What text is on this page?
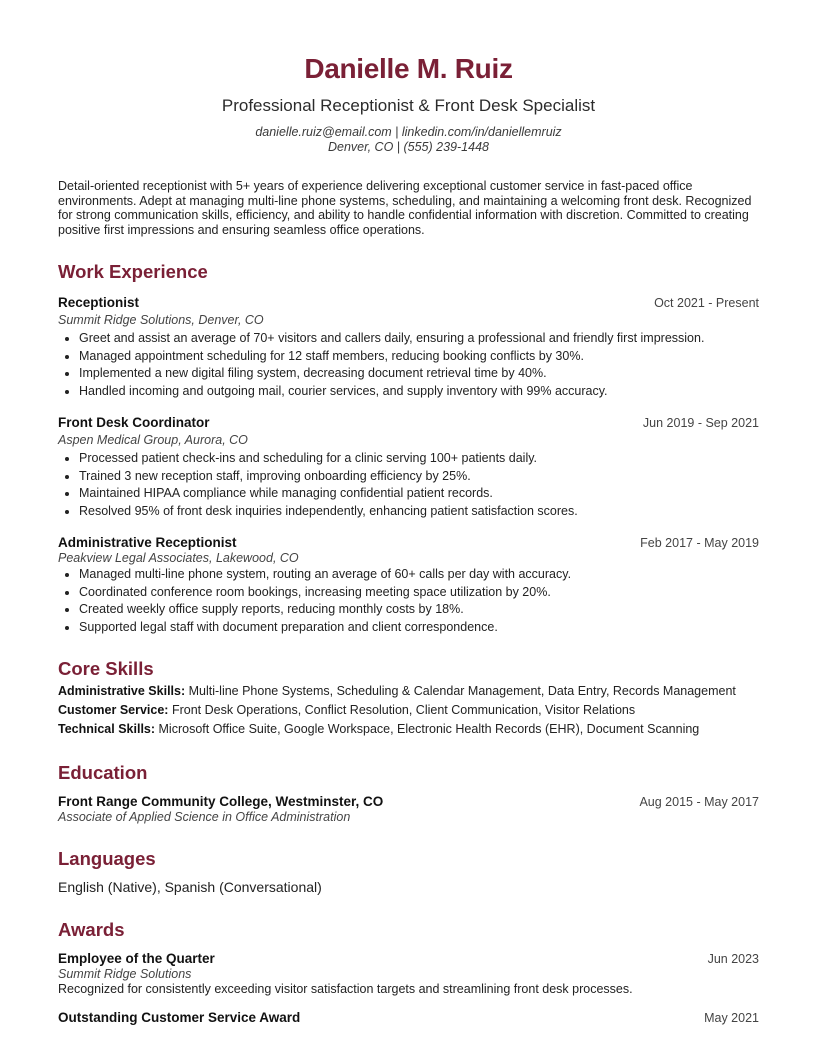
Danielle M. Ruiz
Professional Receptionist & Front Desk Specialist
danielle.ruiz@email.com | linkedin.com/in/daniellemruiz
Denver, CO | (555) 239-1448
Detail-oriented receptionist with 5+ years of experience delivering exceptional customer service in fast-paced office environments. Adept at managing multi-line phone systems, scheduling, and maintaining a welcoming front desk. Recognized for strong communication skills, efficiency, and ability to handle confidential information with discretion. Committed to creating positive first impressions and ensuring seamless office operations.
Work Experience
Receptionist	Oct 2021 - Present
Summit Ridge Solutions, Denver, CO
• Greet and assist an average of 70+ visitors and callers daily, ensuring a professional and friendly first impression.
• Managed appointment scheduling for 12 staff members, reducing booking conflicts by 30%.
• Implemented a new digital filing system, decreasing document retrieval time by 40%.
• Handled incoming and outgoing mail, courier services, and supply inventory with 99% accuracy.
Front Desk Coordinator	Jun 2019 - Sep 2021
Aspen Medical Group, Aurora, CO
• Processed patient check-ins and scheduling for a clinic serving 100+ patients daily.
• Trained 3 new reception staff, improving onboarding efficiency by 25%.
• Maintained HIPAA compliance while managing confidential patient records.
• Resolved 95% of front desk inquiries independently, enhancing patient satisfaction scores.
Administrative Receptionist	Feb 2017 - May 2019
Peakview Legal Associates, Lakewood, CO
• Managed multi-line phone system, routing an average of 60+ calls per day with accuracy.
• Coordinated conference room bookings, increasing meeting space utilization by 20%.
• Created weekly office supply reports, reducing monthly costs by 18%.
• Supported legal staff with document preparation and client correspondence.
Core Skills
Administrative Skills: Multi-line Phone Systems, Scheduling & Calendar Management, Data Entry, Records Management
Customer Service: Front Desk Operations, Conflict Resolution, Client Communication, Visitor Relations
Technical Skills: Microsoft Office Suite, Google Workspace, Electronic Health Records (EHR), Document Scanning
Education
Front Range Community College, Westminster, CO	Aug 2015 - May 2017
Associate of Applied Science in Office Administration
Languages
English (Native), Spanish (Conversational)
Awards
Employee of the Quarter	Jun 2023
Summit Ridge Solutions
Recognized for consistently exceeding visitor satisfaction targets and streamlining front desk processes.
Outstanding Customer Service Award	May 2021
